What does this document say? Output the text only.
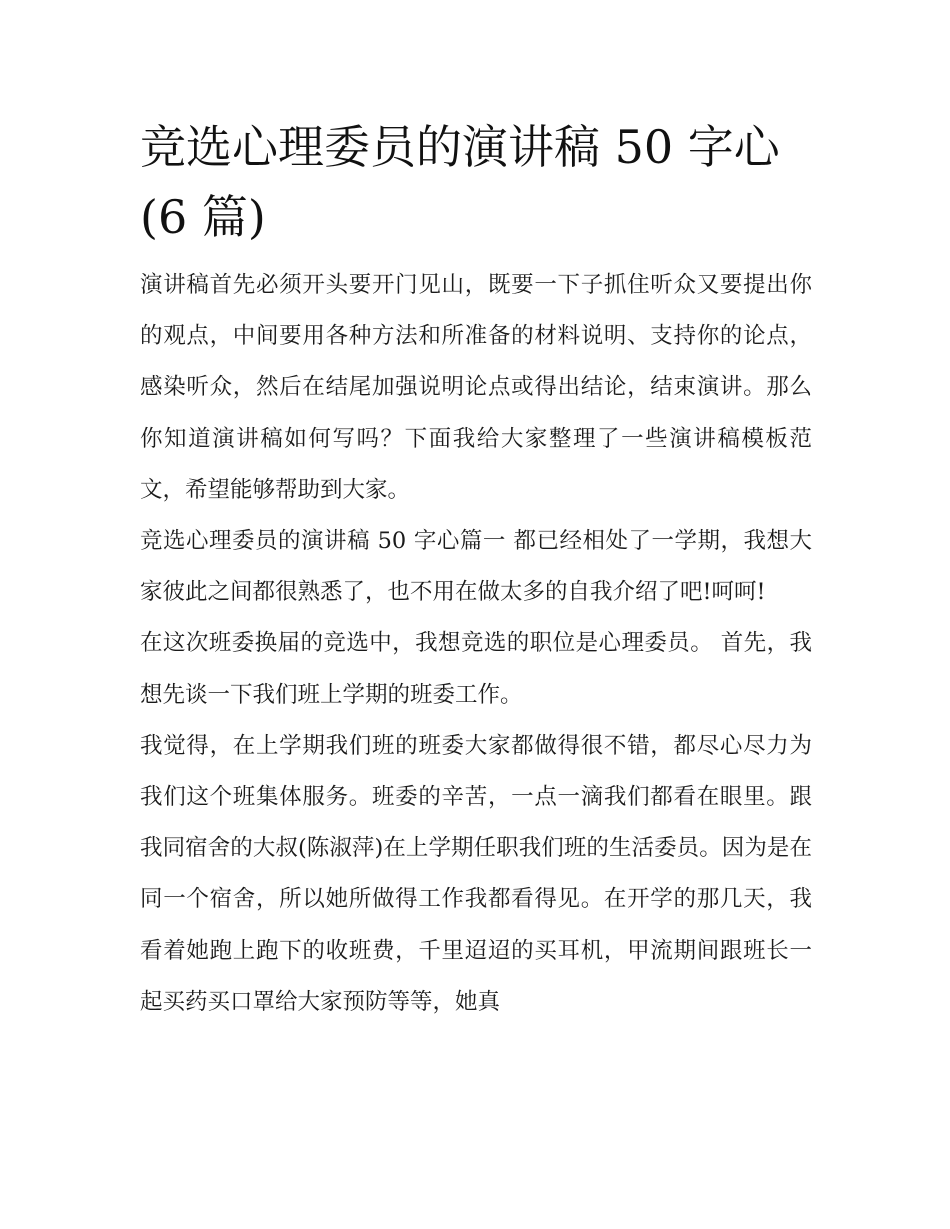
竞选心理委员的演讲稿 50 字心 (6 篇)

演讲稿首先必须开头要开门见山，既要一下子抓住听众又要提出你的观点，中间要用各种方法和所准备的材料说明、支持你的论点，感染听众，然后在结尾加强说明论点或得出结论，结束演讲。那么你知道演讲稿如何写吗？下面我给大家整理了一些演讲稿模板范文，希望能够帮助到大家。

竞选心理委员的演讲稿 50 字心篇一 都已经相处了一学期，我想大家彼此之间都很熟悉了，也不用在做太多的自我介绍了吧!呵呵!

在这次班委换届的竞选中，我想竞选的职位是心理委员。 首先，我想先谈一下我们班上学期的班委工作。

我觉得，在上学期我们班的班委大家都做得很不错，都尽心尽力为我们这个班集体服务。班委的辛苦，一点一滴我们都看在眼里。跟我同宿舍的大叔(陈淑萍)在上学期任职我们班的生活委员。因为是在同一个宿舍，所以她所做得工作我都看得见。在开学的那几天，我看着她跑上跑下的收班费，千里迢迢的买耳机，甲流期间跟班长一起买药买口罩给大家预防等等，她真
